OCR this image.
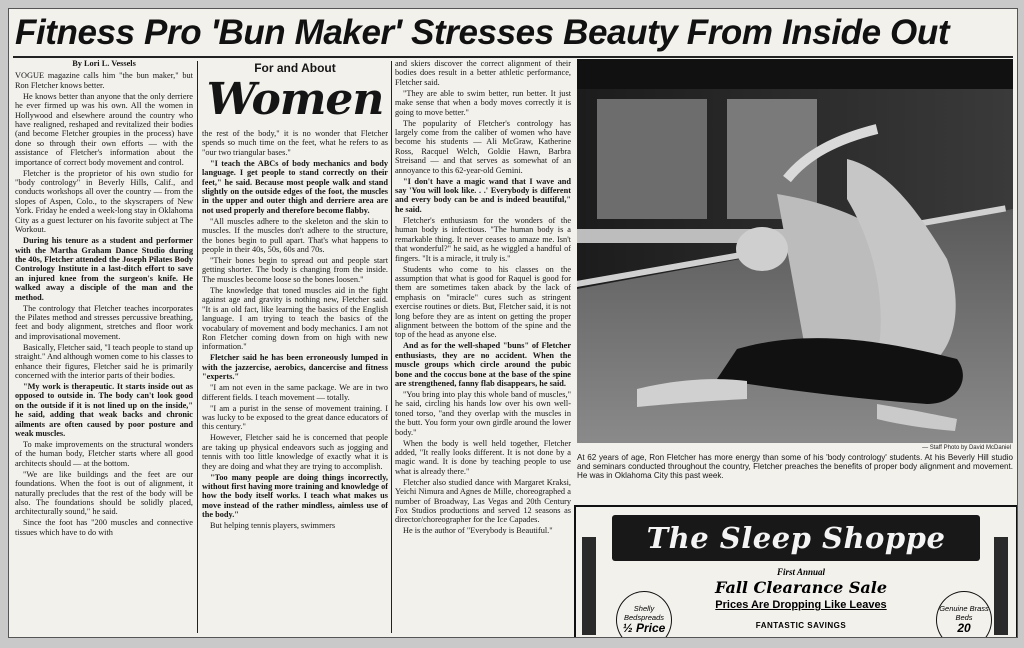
Fitness Pro 'Bun Maker' Stresses Beauty From Inside Out

By Lori L. Vessels

VOGUE magazine calls him "the bun maker," but Ron Fletcher knows better.

He knows better than anyone that the only derriere he ever firmed up was his own. All the women in Hollywood and elsewhere around the country who have realigned, reshaped and revitalized their bodies (and become Fletcher groupies in the process) have done so through their own efforts — with the assistance of Fletcher's information about the importance of correct body movement and control.

Fletcher is the proprietor of his own studio for "body contrology" in Beverly Hills, Calif., and conducts workshops all over the country — from the slopes of Aspen, Colo., to the skyscrapers of New York. Friday he ended a week-long stay in Oklahoma City as a guest lecturer on his favorite subject at The Workout.

During his tenure as a student and performer with the Martha Graham Dance Studio during the 40s, Fletcher attended the Joseph Pilates Body Contrology Institute in a last-ditch effort to save an injured knee from the surgeon's knife. He walked away a disciple of the man and the method.

The contrology that Fletcher teaches incorporates the Pilates method and stresses percussive breathing, feet and body alignment, stretches and floor work and improvisational movement.

Basically, Fletcher said, "I teach people to stand up straight." And although women come to his classes to enhance their figures, Fletcher said he is primarily concerned with the interior parts of their bodies.

"My work is therapeutic. It starts inside out as opposed to outside in. The body can't look good on the outside if it is not lined up on the inside," he said, adding that weak backs and chronic ailments are often caused by poor posture and weak muscles.

To make improvements on the structural wonders of the human body, Fletcher starts where all good architects should — at the bottom.

"We are like buildings and the feet are our foundations. When the foot is out of alignment, it naturally precludes that the rest of the body will be also. The foundations should be solidly placed, architecturally sound," he said.

Since the foot has "200 muscles and connective tissues which have to do with

For and About
Women

the rest of the body," it is no wonder that Fletcher spends so much time on the feet, what he refers to as "our two triangular bases."

"I teach the ABCs of body mechanics and body language. I get people to stand correctly on their feet," he said. Because most people walk and stand slightly on the outside edges of the foot, the muscles in the upper and outer thigh and derriere area are not used properly and therefore become flabby.

"All muscles adhere to the skeleton and the skin to muscles. If the muscles don't adhere to the structure, the bones begin to pull apart. That's what happens to people in their 40s, 50s, 60s and 70s.

"Their bones begin to spread out and people start getting shorter. The body is changing from the inside. The muscles become loose so the bones loosen."

The knowledge that toned muscles aid in the fight against age and gravity is nothing new, Fletcher said. "It is an old fact, like learning the basics of the English language. I am trying to teach the basics of the vocabulary of movement and body mechanics. I am not Ron Fletcher coming down from on high with new information."

Fletcher said he has been erroneously lumped in with the jazzercise, aerobics, dancercise and fitness "experts."

"I am not even in the same package. We are in two different fields. I teach movement — totally.

"I am a purist in the sense of movement training. I was lucky to be exposed to the great dance educators of this century."

However, Fletcher said he is concerned that people are taking up physical endeavors such as jogging and tennis with too little knowledge of exactly what it is they are doing and what they are trying to accomplish.

"Too many people are doing things incorrectly, without first having more training and knowledge of how the body itself works. I teach what makes us move instead of the rather mindless, aimless use of the body."

But helping tennis players, swimmers

and skiers discover the correct alignment of their bodies does result in a better athletic performance, Fletcher said.

"They are able to swim better, run better. It just make sense that when a body moves correctly it is going to move better."

The popularity of Fletcher's contrology has largely come from the caliber of women who have become his students — Ali McGraw, Katherine Ross, Racquel Welch, Goldie Hawn, Barbra Streisand — and that serves as somewhat of an annoyance to this 62-year-old Gemini.

"I don't have a magic wand that I wave and say 'You will look like. . .' Everybody is different and every body can be and is indeed beautiful," he said.

Fletcher's enthusiasm for the wonders of the human body is infectious. "The human body is a remarkable thing. It never ceases to amaze me. Isn't that wonderful?" he said, as he wiggled a handful of fingers. "It is a miracle, it truly is."

Students who come to his classes on the assumption that what is good for Raquel is good for them are sometimes taken aback by the lack of emphasis on "miracle" cures such as stringent exercise routines or diets. But, Fletcher said, it is not long before they are as intent on getting the proper alignment between the bottom of the spine and the top of the head as anyone else.

And as for the well-shaped "buns" of Fletcher enthusiasts, they are no accident. When the muscle groups which circle around the pubic bone and the coccus bone at the base of the spine are strengthened, fanny flab disappears, he said.

"You bring into play this whole band of muscles," he said, circling his hands low over his own well-toned torso, "and they overlap with the muscles in the butt. You form your own girdle around the lower body."

When the body is well held together, Fletcher added, "It really looks different. It is not done by a magic wand. It is done by teaching people to use what is already there."

Fletcher also studied dance with Margaret Kraksi, Yeichi Nimura and Agnes de Mille, choreographed a number of Broadway, Las Vegas and 20th Century Fox Studios productions and served 12 seasons as director/choreographer for the Ice Capades.

He is the author of "Everybody is Beautiful."

— Staff Photo by David McDaniel
At 62 years of age, Ron Fletcher has more energy than some of his 'body contrology' students. At his Beverly Hill studio and seminars conducted throughout the country, Fletcher preaches the benefits of proper body alignment and movement. He was in Oklahoma City this past week.
The Sleep Shoppe
First Annual
Fall Clearance Sale
Prices Are Dropping Like Leaves
FANTASTIC SAVINGS
Shelly Bedspreads
½ Price
Genuine Brass Beds
20
